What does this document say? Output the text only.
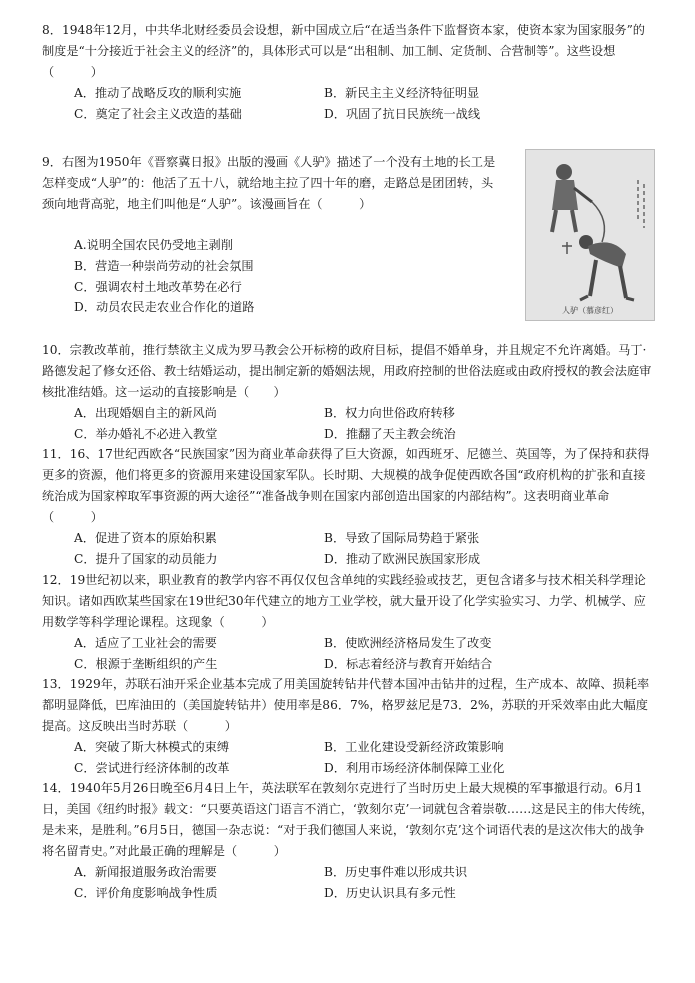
8．1948年12月，中共华北财经委员会设想，新中国成立后“在适当条件下监督资本家，使资本家为国家服务”的制度是“十分接近于社会主义的经济”的，具体形式可以是“出租制、加工制、定货制、合营制等”。这些设想（　　　）
A．推动了战略反攻的顺利实施	B．新民主主义经济特征明显
C．奠定了社会主义改造的基础	D．巩固了抗日民族统一战线
9．右图为1950年《晋察冀日报》出版的漫画《人驴》描述了一个没有土地的长工是怎样变成“人驴”的：他活了五十八，就给地主拉了四十年的磨，走路总是团团转，头颈向地背高驼，地主们叫他是“人驴”。该漫画旨在（　　　）
A.说明全国农民仍受地主剥削
B．营造一种崇尚劳动的社会氛围
C．强调农村土地改革势在必行
D．动员农民走农业合作化的道路	人驴（慕彦红）
10．宗教改革前，推行禁欲主义成为罗马教会公开标榜的政府目标，提倡不婚单身，并且规定不允许离婚。马丁·路德发起了修女还俗、教士结婚运动，提出制定新的婚姻法规，用政府控制的世俗法庭或由政府授权的教会法庭审核批准结婚。这一运动的直接影响是（　　）
A．出现婚姻自主的新风尚	B．权力向世俗政府转移
C．举办婚礼不必进入教堂	D．推翻了天主教会统治
11．16、17世纪西欧各“民族国家”因为商业革命获得了巨大资源，如西班牙、尼德兰、英国等，为了保持和获得更多的资源，他们将更多的资源用来建设国家军队。长时期、大规模的战争促使西欧各国“政府机构的扩张和直接统治成为国家榨取军事资源的两大途径”“准备战争则在国家内部创造出国家的内部结构”。这表明商业革命（　　　）
A．促进了资本的原始积累	B．导致了国际局势趋于紧张
C．提升了国家的动员能力	D．推动了欧洲民族国家形成
12．19世纪初以来，职业教育的教学内容不再仅仅包含单纯的实践经验或技艺，更包含诸多与技术相关科学理论知识。诸如西欧某些国家在19世纪30年代建立的地方工业学校，就大量开设了化学实验实习、力学、机械学、应用数学等科学理论课程。这现象（　　　）
A．适应了工业社会的需要	B．使欧洲经济格局发生了改变
C．根源于垄断组织的产生	D．标志着经济与教育开始结合
13．1929年，苏联石油开采企业基本完成了用美国旋转钻井代替本国冲击钻井的过程，生产成本、故障、损耗率都明显降低，巴库油田的（美国旋转钻井）使用率是86．7%，格罗兹尼是73．2%，苏联的开采效率由此大幅度提高。这反映出当时苏联（　　　）
A．突破了斯大林模式的束缚	B．工业化建设受新经济政策影响
C．尝试进行经济体制的改革	D．利用市场经济体制保障工业化
14．1940年5月26日晚至6月4日上午，英法联军在敦刻尔克进行了当时历史上最大规模的军事撤退行动。6月1日，美国《纽约时报》载文：“只要英语这门语言不消亡，‘敦刻尔克’一词就包含着崇敬……这是民主的伟大传统，是未来，是胜利。”6月5日，德国一杂志说：“对于我们德国人来说，‘敦刻尔克’这个词语代表的是这次伟大的战争将名留青史。”对此最正确的理解是（　　　）
A．新闻报道服务政治需要	B．历史事件难以形成共识
C．评价角度影响战争性质	D．历史认识具有多元性
